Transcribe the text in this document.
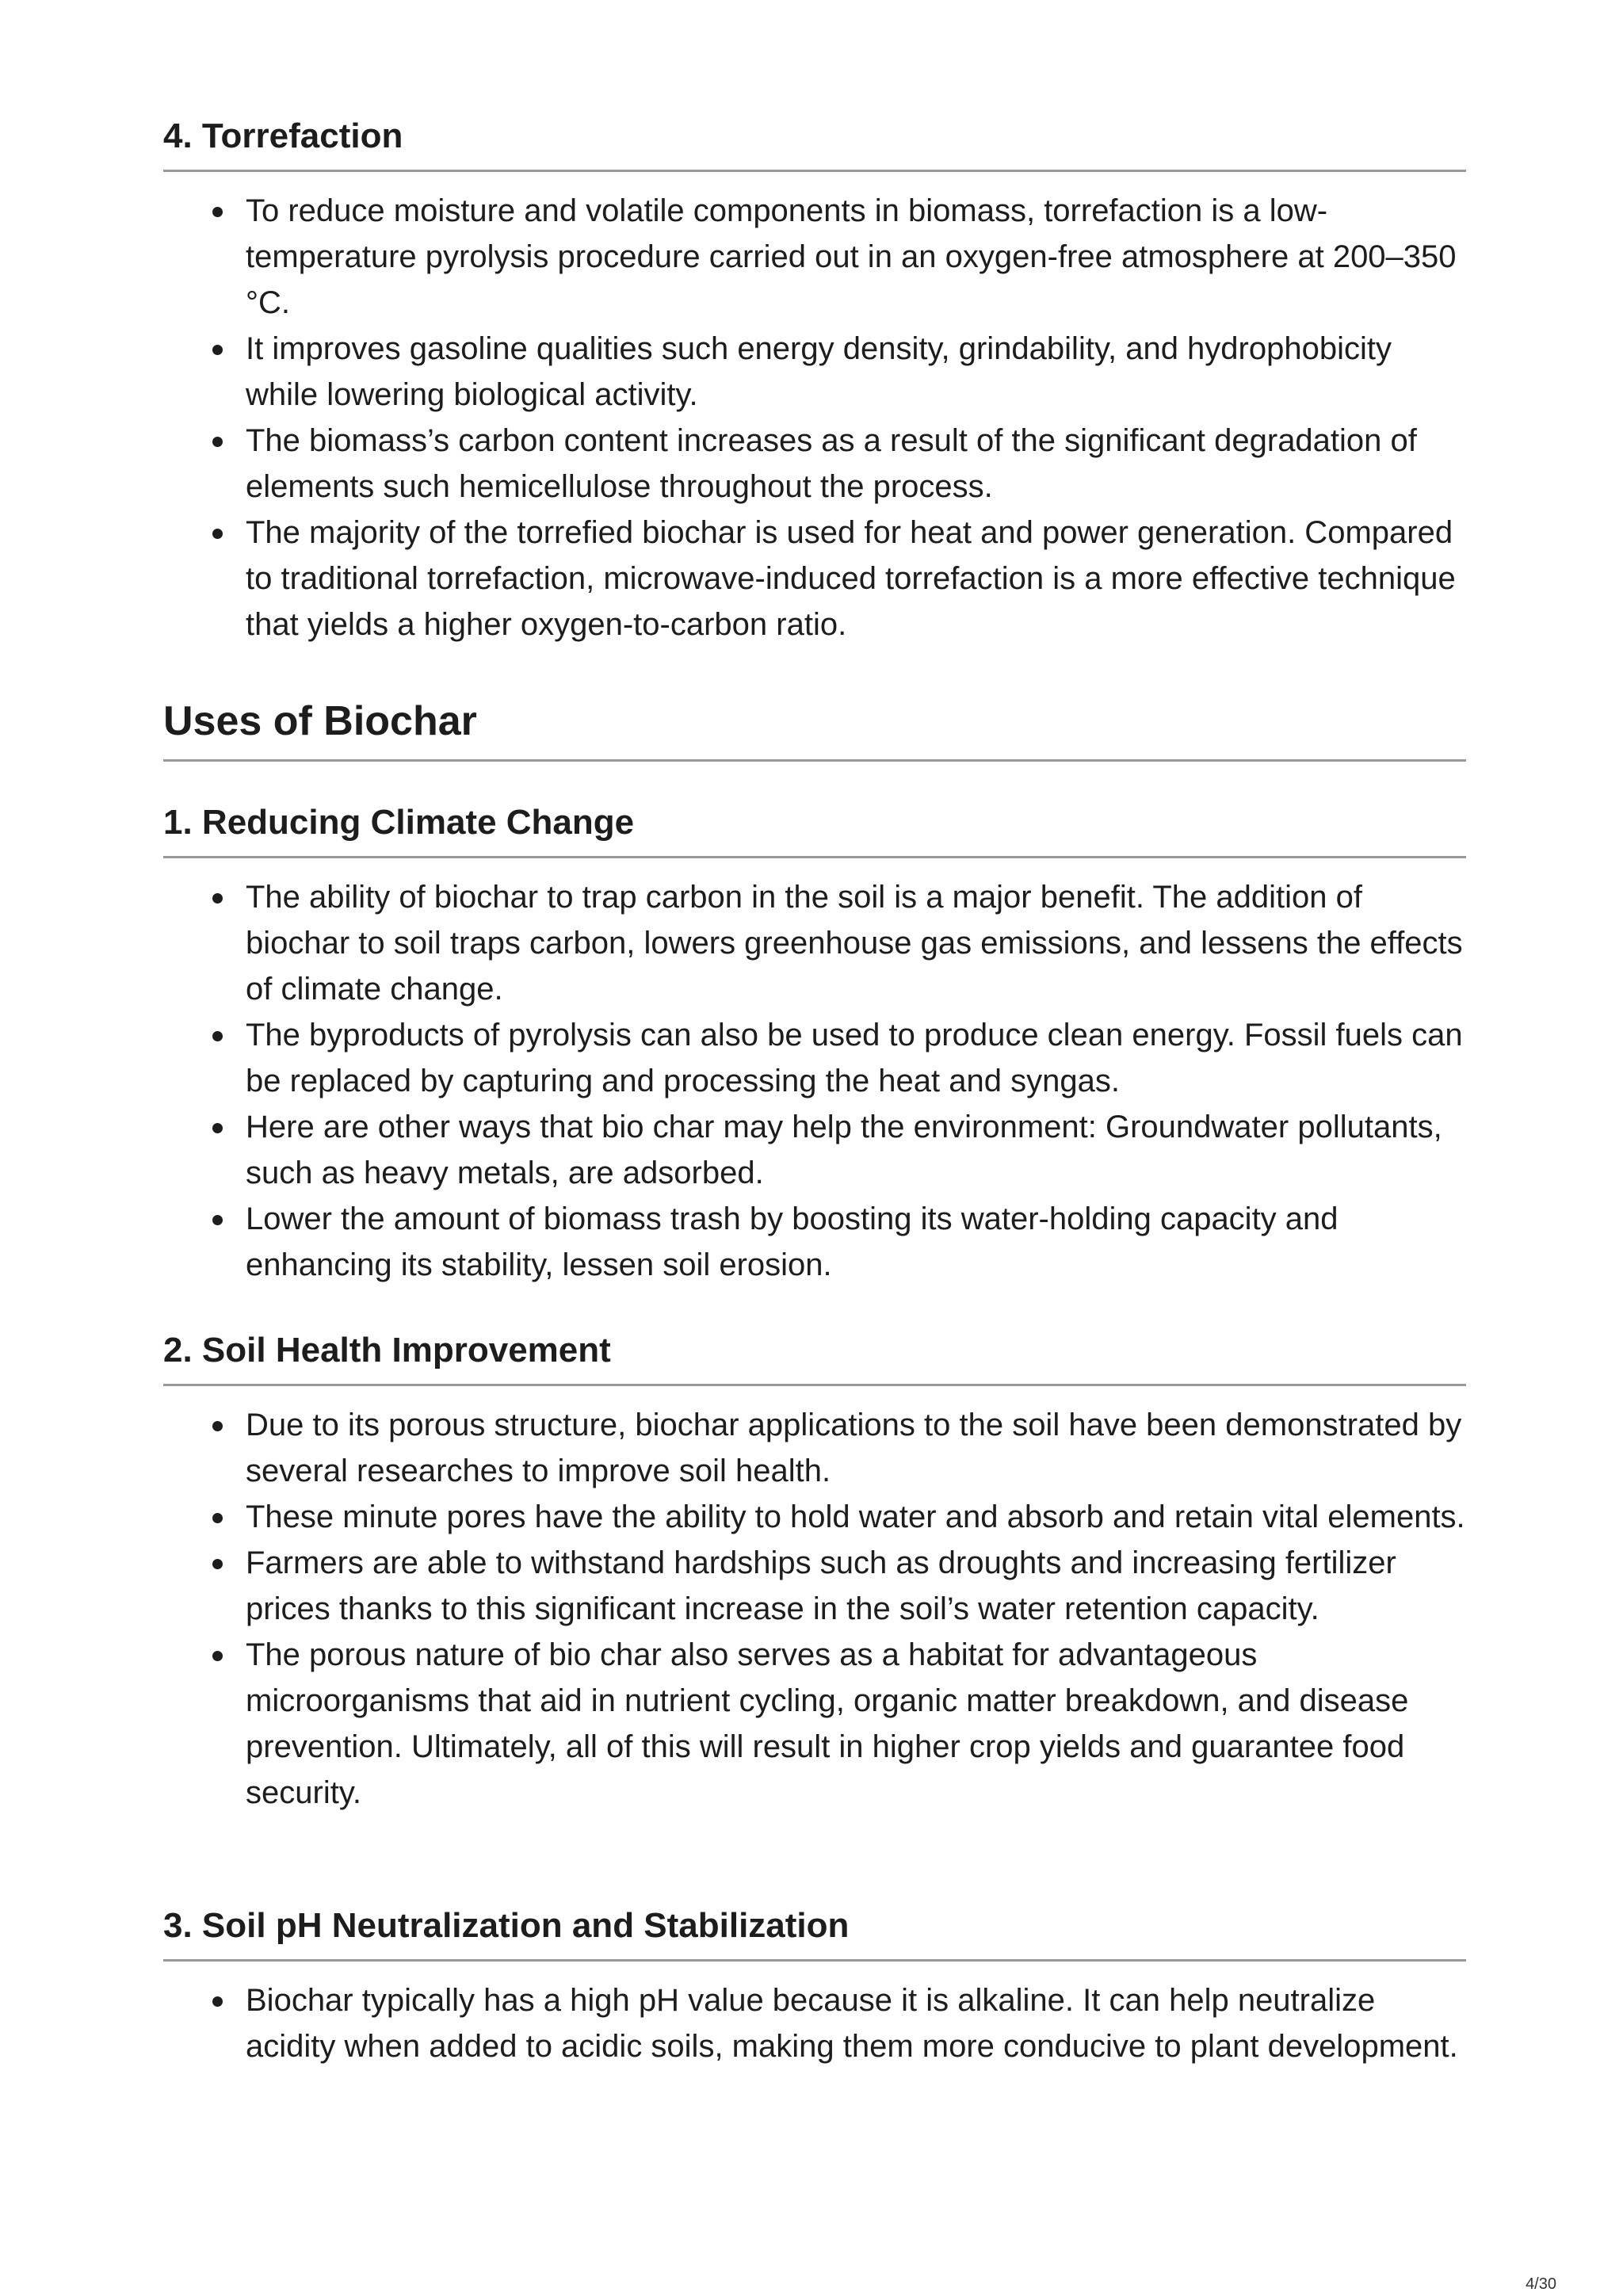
4. Torrefaction
To reduce moisture and volatile components in biomass, torrefaction is a low-temperature pyrolysis procedure carried out in an oxygen-free atmosphere at 200–350 °C.
It improves gasoline qualities such energy density, grindability, and hydrophobicity while lowering biological activity.
The biomass’s carbon content increases as a result of the significant degradation of elements such hemicellulose throughout the process.
The majority of the torrefied biochar is used for heat and power generation. Compared to traditional torrefaction, microwave-induced torrefaction is a more effective technique that yields a higher oxygen-to-carbon ratio.
Uses of Biochar
1. Reducing Climate Change
The ability of biochar to trap carbon in the soil is a major benefit. The addition of biochar to soil traps carbon, lowers greenhouse gas emissions, and lessens the effects of climate change.
The byproducts of pyrolysis can also be used to produce clean energy. Fossil fuels can be replaced by capturing and processing the heat and syngas.
Here are other ways that bio char may help the environment: Groundwater pollutants, such as heavy metals, are adsorbed.
Lower the amount of biomass trash by boosting its water-holding capacity and enhancing its stability, lessen soil erosion.
2. Soil Health Improvement
Due to its porous structure, biochar applications to the soil have been demonstrated by several researches to improve soil health.
These minute pores have the ability to hold water and absorb and retain vital elements.
Farmers are able to withstand hardships such as droughts and increasing fertilizer prices thanks to this significant increase in the soil’s water retention capacity.
The porous nature of bio char also serves as a habitat for advantageous microorganisms that aid in nutrient cycling, organic matter breakdown, and disease prevention. Ultimately, all of this will result in higher crop yields and guarantee food security.
3. Soil pH Neutralization and Stabilization
Biochar typically has a high pH value because it is alkaline. It can help neutralize acidity when added to acidic soils, making them more conducive to plant development.
4/30
